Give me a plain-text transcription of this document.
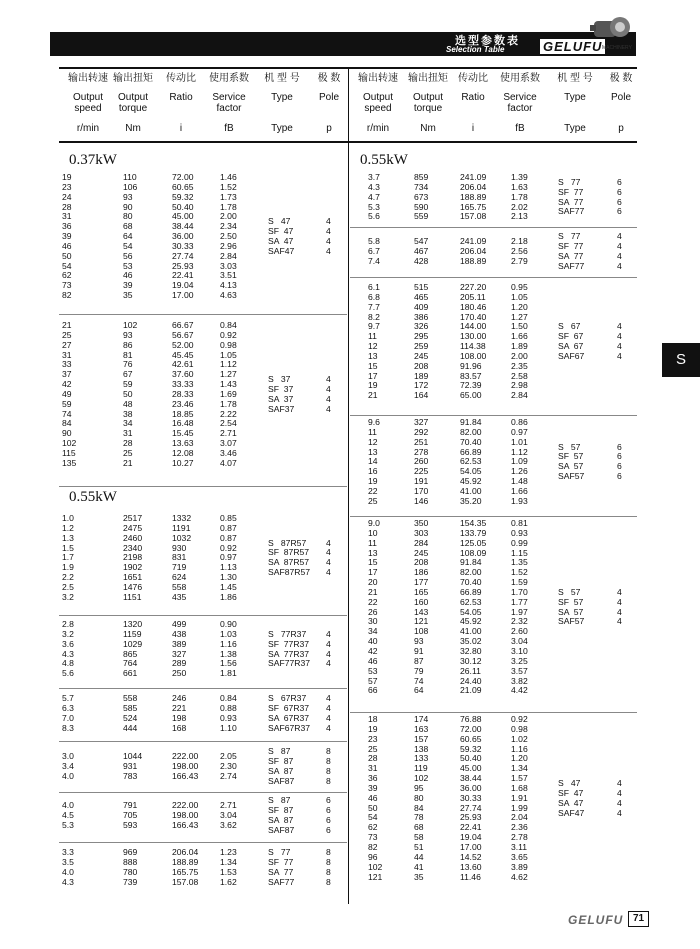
选型参数表
Selection Table	GELUFU MACHINERY
输出转速
Output speed
r/min
输出扭矩
Output torque
Nm
传动比
Ratio
i
使用系数
Service factor
fB
机 型 号
Type
Type
极 数
Pole
p
输出转速
Output speed
r/min
输出扭矩
Output torque
Nm
传动比
Ratio
i
使用系数
Service factor
fB
机 型 号
Type
Type
极 数
Pole
p
0.37kW
19
23
24
28
31
36
39
46
50
54
62
73
82
110
106
93
90
80
68
64
54
56
53
46
39
35
72.00
60.65
59.32
50.40
45.00
38.44
36.00
30.33
27.74
25.93
22.41
19.04
17.00
1.46
1.52
1.73
1.78
2.00
2.34
2.50
2.96
2.84
3.03
3.51
4.13
4.63
S   47
SF  47
SA  47
SAF47
4
4
4
4
21
25
27
31
33
37
42
49
59
74
84
90
102
115
135
102
93
86
81
76
67
59
50
48
38
34
31
28
25
21
66.67
56.67
52.00
45.45
42.61
37.60
33.33
28.33
23.46
18.85
16.48
15.45
13.63
12.08
10.27
0.84
0.92
0.98
1.05
1.12
1.27
1.43
1.69
1.78
2.22
2.54
2.71
3.07
3.46
4.07
S   37
SF  37
SA  37
SAF37
4
4
4
4
0.55kW
1.0
1.2
1.3
1.5
1.7
1.9
2.2
2.5
3.2
2517
2475
2460
2340
2198
1902
1651
1476
1151
1332
1191
1032
930
831
719
624
558
435
0.85
0.87
0.87
0.92
0.97
1.13
1.30
1.45
1.86
S   87R57
SF  87R57
SA  87R57
SAF87R57
4
4
4
4
2.8
3.2
3.6
4.3
4.8
5.6
1320
1159
1029
865
764
661
499
438
389
327
289
250
0.90
1.03
1.16
1.38
1.56
1.81
S   77R37
SF  77R37
SA  77R37
SAF77R37
4
4
4
4
5.7
6.3
7.0
8.3
558
585
524
444
246
221
198
168
0.84
0.88
0.93
1.10
S   67R37
SF  67R37
SA  67R37
SAF67R37
4
4
4
4
3.0
3.4
4.0
1044
931
783
222.00
198.00
166.43
2.05
2.30
2.74
S   87
SF  87
SA  87
SAF87
8
8
8
8
4.0
4.5
5.3
791
705
593
222.00
198.00
166.43
2.71
3.04
3.62
S   87
SF  87
SA  87
SAF87
6
6
6
6
3.3
3.5
4.0
4.3
969
888
780
739
206.04
188.89
165.75
157.08
1.23
1.34
1.53
1.62
S   77
SF  77
SA  77
SAF77
8
8
8
8
0.55kW
3.7
4.3
4.7
5.3
5.6
859
734
673
590
559
241.09
206.04
188.89
165.75
157.08
1.39
1.63
1.78
2.02
2.13
S   77
SF  77
SA  77
SAF77
6
6
6
6
5.8
6.7
7.4
547
467
428
241.09
206.04
188.89
2.18
2.56
2.79
S   77
SF  77
SA  77
SAF77
4
4
4
4
6.1
6.8
7.7
8.2
9.7
11
12
13
15
17
19
21
515
465
409
386
326
295
259
245
208
189
172
164
227.20
205.11
180.46
170.40
144.00
130.00
114.38
108.00
91.96
83.57
72.39
65.00
0.95
1.05
1.20
1.27
1.50
1.66
1.89
2.00
2.35
2.58
2.98
2.84
S   67
SF  67
SA  67
SAF67
4
4
4
4
9.6
11
12
13
14
16
19
22
25
327
292
251
278
260
225
191
170
146
91.84
82.00
70.40
66.89
62.53
54.05
45.92
41.00
35.20
0.86
0.97
1.01
1.12
1.09
1.26
1.48
1.66
1.93
S   57
SF  57
SA  57
SAF57
6
6
6
6
9.0
10
11
13
15
17
20
21
22
26
30
34
40
42
46
53
57
66
350
303
284
245
208
186
177
165
160
143
121
108
93
91
87
79
74
64
154.35
133.79
125.05
108.09
91.84
82.00
70.40
66.89
62.53
54.05
45.92
41.00
35.02
32.80
30.12
26.11
24.40
21.09
0.81
0.93
0.99
1.15
1.35
1.52
1.59
1.70
1.77
1.97
2.32
2.60
3.04
3.10
3.25
3.57
3.82
4.42
S   57
SF  57
SA  57
SAF57
4
4
4
4
18
19
23
25
28
31
36
39
46
50
54
62
73
82
96
102
121
174
163
157
138
133
119
102
95
80
84
78
68
58
51
44
41
35
76.88
72.00
60.65
59.32
50.40
45.00
38.44
36.00
30.33
27.74
25.93
22.41
19.04
17.00
14.52
13.60
11.46
0.92
0.98
1.02
1.16
1.20
1.34
1.57
1.68
1.91
1.99
2.04
2.36
2.78
3.11
3.65
3.89
4.62
S   47
SF  47
SA  47
SAF47
4
4
4
4
S
GELUFU 71
